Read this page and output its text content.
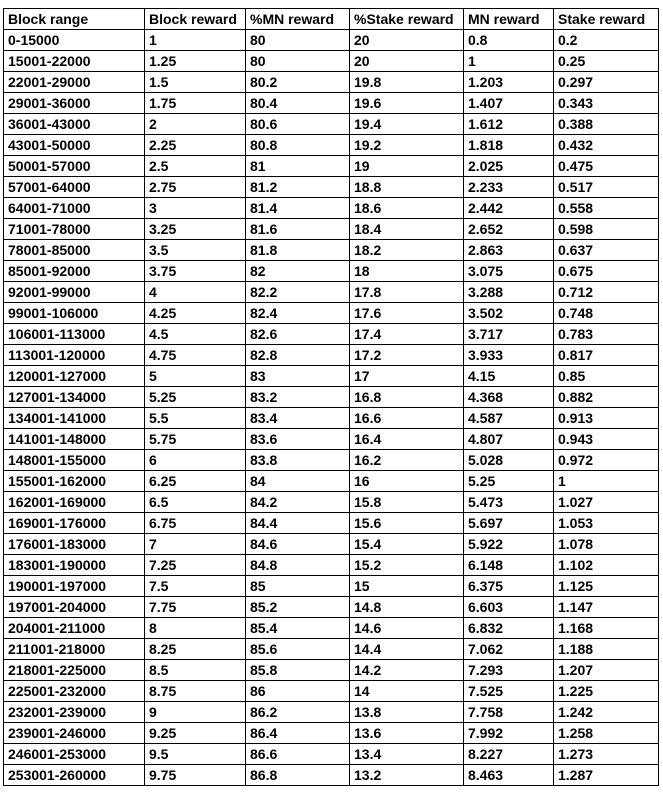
Block range	Block reward	%MN reward	%Stake reward	MN reward	Stake reward
0-15000	1	80	20	0.8	0.2
15001-22000	1.25	80	20	1	0.25
22001-29000	1.5	80.2	19.8	1.203	0.297
29001-36000	1.75	80.4	19.6	1.407	0.343
36001-43000	2	80.6	19.4	1.612	0.388
43001-50000	2.25	80.8	19.2	1.818	0.432
50001-57000	2.5	81	19	2.025	0.475
57001-64000	2.75	81.2	18.8	2.233	0.517
64001-71000	3	81.4	18.6	2.442	0.558
71001-78000	3.25	81.6	18.4	2.652	0.598
78001-85000	3.5	81.8	18.2	2.863	0.637
85001-92000	3.75	82	18	3.075	0.675
92001-99000	4	82.2	17.8	3.288	0.712
99001-106000	4.25	82.4	17.6	3.502	0.748
106001-113000	4.5	82.6	17.4	3.717	0.783
113001-120000	4.75	82.8	17.2	3.933	0.817
120001-127000	5	83	17	4.15	0.85
127001-134000	5.25	83.2	16.8	4.368	0.882
134001-141000	5.5	83.4	16.6	4.587	0.913
141001-148000	5.75	83.6	16.4	4.807	0.943
148001-155000	6	83.8	16.2	5.028	0.972
155001-162000	6.25	84	16	5.25	1
162001-169000	6.5	84.2	15.8	5.473	1.027
169001-176000	6.75	84.4	15.6	5.697	1.053
176001-183000	7	84.6	15.4	5.922	1.078
183001-190000	7.25	84.8	15.2	6.148	1.102
190001-197000	7.5	85	15	6.375	1.125
197001-204000	7.75	85.2	14.8	6.603	1.147
204001-211000	8	85.4	14.6	6.832	1.168
211001-218000	8.25	85.6	14.4	7.062	1.188
218001-225000	8.5	85.8	14.2	7.293	1.207
225001-232000	8.75	86	14	7.525	1.225
232001-239000	9	86.2	13.8	7.758	1.242
239001-246000	9.25	86.4	13.6	7.992	1.258
246001-253000	9.5	86.6	13.4	8.227	1.273
253001-260000	9.75	86.8	13.2	8.463	1.287
